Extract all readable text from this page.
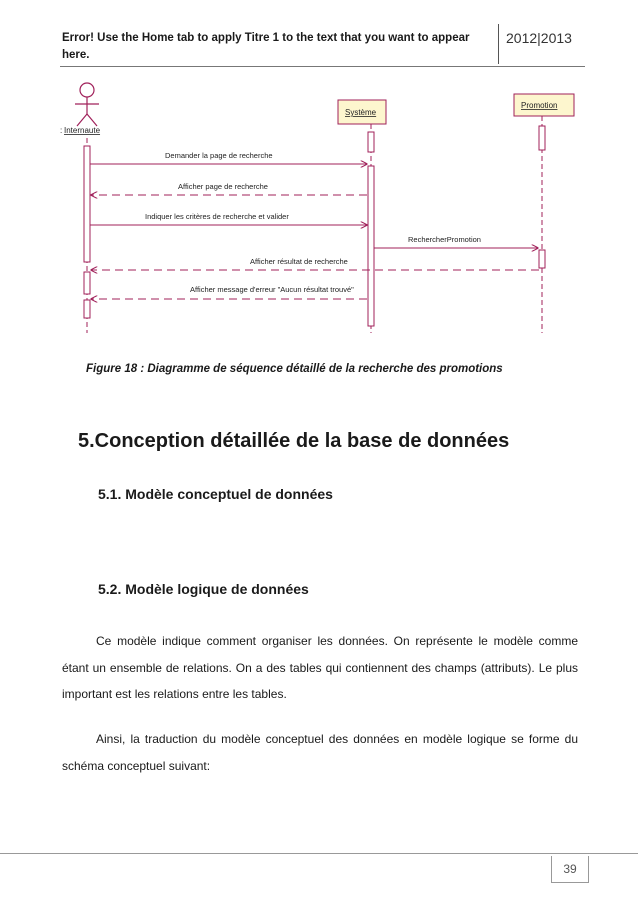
Error! Use the Home tab to apply Titre 1 to the text that you want to appear here.
2012|2013
Internaute
:
Système
Promotion
Demander la page de recherche
Afficher page de recherche
Indiquer les critères de recherche et valider
RechercherPromotion
Afficher résultat de recherche
Afficher message d'erreur "Aucun résultat trouvé"
Figure 18 : Diagramme de séquence détaillé de la recherche des promotions
5.Conception détaillée de la base de données
5.1. Modèle conceptuel de données
5.2. Modèle logique de données
Ce modèle indique comment organiser les données. On représente le modèle comme étant un ensemble de relations. On a des tables qui contiennent des champs (attributs). Le plus important est les relations entre les tables.
Ainsi, la traduction du modèle conceptuel des données en modèle logique se forme du schéma conceptuel suivant:
39
